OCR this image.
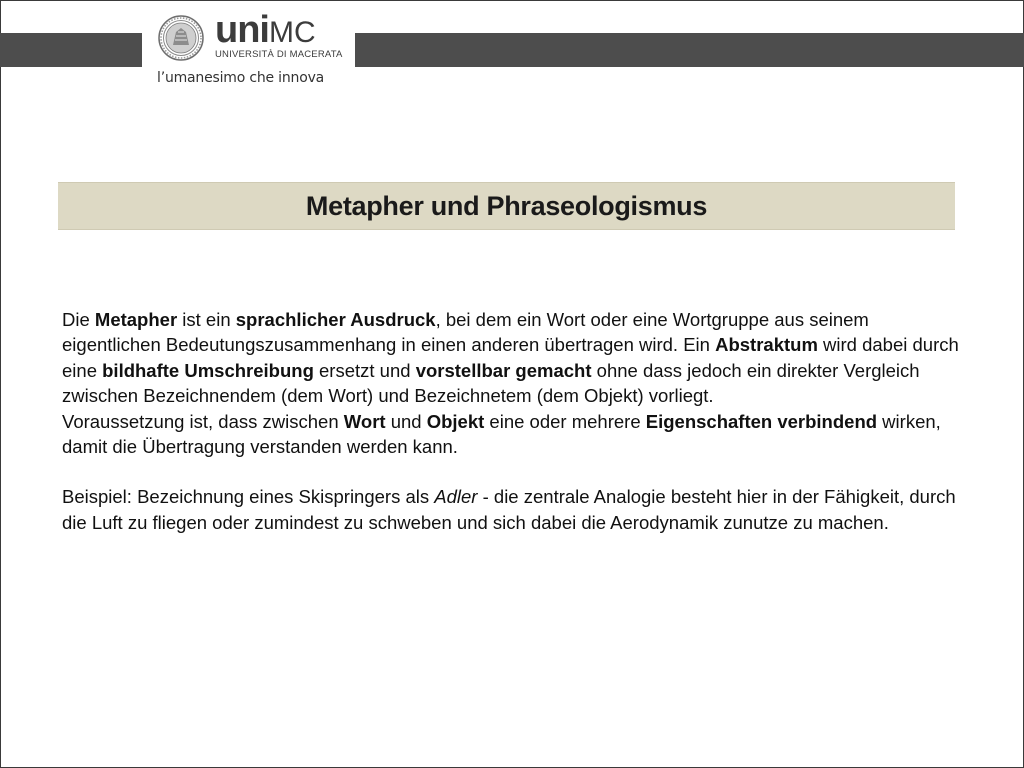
uniMC
UNIVERSITÀ DI MACERATA
l’umanesimo che innova
Metapher und Phraseologismus

Die Metapher ist ein sprachlicher Ausdruck, bei dem ein Wort oder eine Wortgruppe aus seinem eigentlichen Bedeutungszusammenhang in einen anderen übertragen wird. Ein Abstraktum wird dabei durch eine bildhafte Umschreibung ersetzt und vorstellbar gemacht ohne dass jedoch ein direkter Vergleich zwischen Bezeichnendem (dem Wort) und Bezeichnetem (dem Objekt) vorliegt.

Voraussetzung ist, dass zwischen Wort und Objekt eine oder mehrere Eigenschaften verbindend wirken, damit die Übertragung verstanden werden kann.

Beispiel: Bezeichnung eines Skispringers als Adler - die zentrale Analogie besteht hier in der Fähigkeit, durch die Luft zu fliegen oder zumindest zu schweben und sich dabei die Aerodynamik zunutze zu machen.
